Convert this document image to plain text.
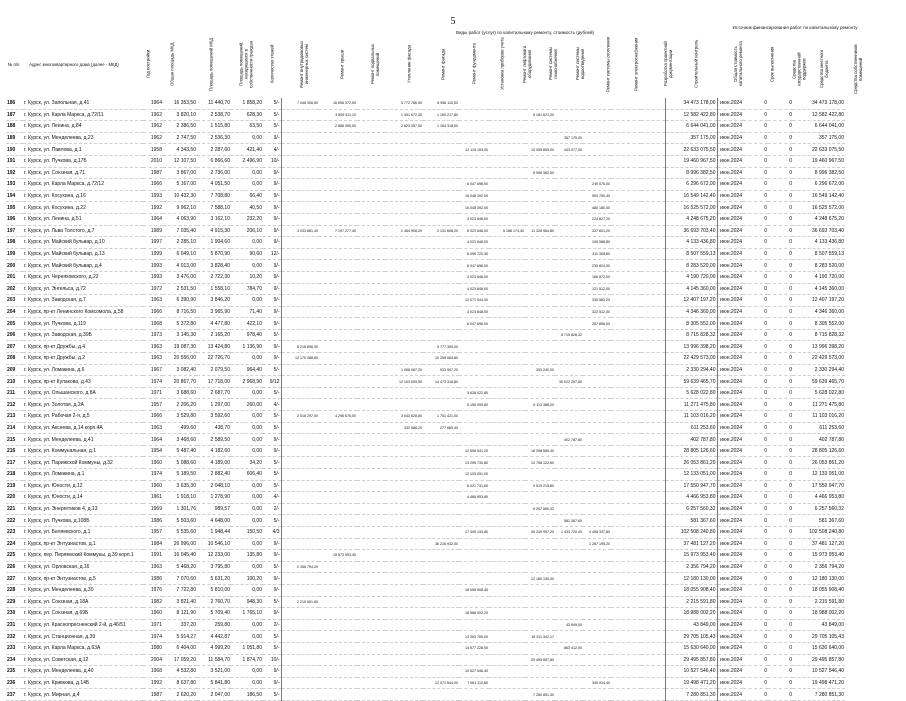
5
Источник финансирования работ по капитальному ремонту
Виды работ (услуг) по капитальному ремонту, стоимость (рублей)
№ п/п	Адрес многоквартирного дома (далее - МКД)	Год постройки	Общая площадь МКД	Площадь помещений МКД	Площадь помещений, находящихся в собственности граждан	Количество этажей	Ремонт внутридомовых инженерных систем	Ремонт крыши	Ремонт подвальных помещений	Утепление фасада	Ремонт фасада	Ремонт фундамента	Установка приборов учета	Ремонт лифтового оборудования	Ремонт системы газоснабжения	Ремонт системы водоотведения	Ремонт системы отопления	Ремонт электроснабжения	Разработка проектной документации	Строительный контроль	Общая стоимость капитального ремонта	Срок выполнения	Средства государственной поддержки	Средства местного бюджета	Средства собственников помещений
186	г. Курск, ул. Запольная, д.41	1964	16 353,50	11 440,70	1 858,20	5/-	7 048 308,50	16 696 972,50		5 772 786,50	8 956 110,50								34 473 178,00	июн.2024	0	0	34 473 178,00
187	г. Курск, ул. Карла Маркса, д.72/11	1962	3 820,10	2 538,70	628,30	5/-		3 509 511,10		1 351 672,30	1 160 217,80			6 181 621,00					12 582 422,80	июн.2024	0	0	12 582 422,80
188	г. Курск, ул. Ленина, д.84	1962	2 386,50	1 515,80	63,50	5/-		2 856 395,50		2 623 357,50	1 164 318,00								6 644 041,00	июн.2024	0	0	6 644 041,00
189	г. Курск, ул. Менделеева, д.23	1962	2 747,50	2 536,30	0,00	9/-									357 175,00				357 175,00	июн.2024	0	0	357 175,00
190	г. Курск, ул. Павлова, д.1	1958	4 343,50	2 287,60	421,40	4/-						12 115 193,00		10 055 805,00	443 077,00				22 633 075,50	июн.2024	0	0	22 633 075,50
191	г. Курск, ул. Пучкова, д.17Б	2010	12 107,50	6 866,60	2 496,90	10/-													19 460 967,50	июн.2024	0	0	19 460 967,50
192	г. Курск, ул. Союзная, д.71	1987	3 867,00	2 736,00	0,00	9/-								8 996 382,50					8 996 382,50	июн.2024	0	0	8 996 382,50
193	г. Курск, ул. Карла Маркса, д.72/12	1966	5 167,00	4 051,50	0,00	9/-						6 047 696,00				249 076,00			6 296 672,00	июн.2024	0	0	6 296 672,00
194	г. Курск, ул. Косухина, д.16	1993	10 432,30	7 708,80	66,40	9/-						16 048 392,00				500 750,40			16 549 142,40	июн.2024	0	0	16 549 142,40
195	г. Курск, ул. Косухина, д.22	1992	9 962,10	7 588,10	40,50	9/-						16 045 392,00				480 180,00			16 525 572,00	июн.2024	0	0	16 525 572,00
196	г. Курск, ул. Ленина, д.51	1964	4 063,90	3 162,10	232,20	9/-						4 023 848,00				224 827,20			4 248 675,20	июн.2024	0	0	4 248 675,20
197	г. Курск, ул. Льва Толстого, д.7	1989	7 035,40	4 915,30	206,10	9/-	3 033 881,40	7 197 277,40		2 464 908,20	2 131 608,20	8 023 848,00	5 188 174,40	11 328 584,80		337 601,20			36 693 703,40	июн.2024	0	0	36 693 703,40
198	г. Курск, ул. Майский бульвар, д.10	1997	2 285,10	1 904,60	0,00	9/-						4 023 848,00				109 588,80			4 133 436,80	июн.2024	0	0	4 133 436,80
199	г. Курск, ул. Майский бульвар, д.13	1999	6 049,10	5 870,90	90,60	12/-						8 096 720,30				411 308,80			8 507 559,13	июн.2024	0	0	8 507 559,13
200	г. Курск, ул. Майский бульвар, д.4	1993	4 013,00	3 828,40	0,00	9/-						8 047 696,00				235 824,00			8 283 520,00	июн.2024	0	0	8 283 520,00
201	г. Курск, ул. Черняховского, д.22	1993	3 476,00	2 722,30	10,20	9/-						4 023 848,00				166 872,00			4 190 720,00	июн.2024	0	0	4 190 720,00
202	г. Курск, ул. Энгельса, д.72	1972	2 531,50	1 558,10	784,70	9/-						4 023 848,00				121 512,00			4 145 360,00	июн.2024	0	0	4 145 360,00
203	г. Курск, ул. Заводская, д.7	1963	6 390,90	3 846,20	0,00	9/-						12 071 544,00				335 583,20			12 407 197,20	июн.2024	0	0	12 407 197,20
204	г. Курск, пр-кт Ленинского Комсомола, д.58	1966	8 716,50	3 965,90	71,40	9/-						4 023 848,00				322 512,00			4 346 360,00	июн.2024	0	0	4 346 360,00
205	г. Курск, ул. Пучкова, д.119	1968	5 372,80	4 477,80	422,10	9/-						8 047 696,00				257 856,00			8 305 552,00	июн.2024	0	0	8 305 552,00
206	г. Курск, ул. Заводская, д.39Б	1973	3 145,30	2 165,20	978,40	5/-									8 715 828,32				8 715 828,32	июн.2024	0	0	8 715 828,32
207	г. Курск, пр-кт Дружбы, д.4	1963	19 087,30	13 424,80	1 136,90	9/-	8 216 898,30				5 777 390,00								13 996 398,20	июн.2024	0	0	13 996 398,20
208	г. Курск, пр-кт Дружбы, д.2	1963	20 556,00	22 726,70	0,00	9/-	12 170 488,60				10 259 084,80								22 429 573,00	июн.2024	0	0	22 429 573,00
209	г. Курск, ул. Ломакина, д.6	1967	3 082,40	2 079,50	964,40	5/-				1 068 087,20	933 907,20			305 240,00					2 330 294,40	июн.2024	0	0	2 330 294,40
210	г. Курск, пр-кт Кулакова, д.43	1974	20 867,70	17 718,00	2 968,90	9/12				12 103 009,50	14 473 316,80				30 022 257,60				59 639 465,70	июн.2024	0	0	59 639 465,70
211	г. Курск, ул. Ольшанского, д.8А	1971	3 688,60	2 687,70	0,00	5/-						5 628 022,80							5 628 022,80	июн.2024	0	0	5 628 022,80
212	г. Курск, ул. Золотая, д.2А	1957	2 206,20	1 297,00	260,00	4/-						5 158 099,80		6 113 386,20					11 271 475,80	июн.2024	0	0	11 271 475,80
213	г. Курск, ул. Рабочая 2-я, д.5	1966	3 529,80	3 592,60	0,00	5/-	2 016 297,00	4 296 676,00		3 043 628,80	1 751 421,00								11 103 016,20	июн.2024	0	0	11 103 016,20
214	г. Курск, ул. Аксеева, д.14 корп.4А	1963	499,60	438,70	0,00	5/-				332 588,20	277 665,40								611 253,60	июн.2024	0	0	611 253,60
215	г. Курск, ул. Менделеева, д.41	1964	3 468,60	2 589,50	0,00	9/-									402 787,80				402 787,80	июн.2024	0	0	402 787,80
216	г. Курск, ул. Коммунальная, д.1	1954	5 487,40	4 182,60	0,00	9/-						12 506 541,20		16 298 585,40					28 805 126,60	июн.2024	0	0	28 805 126,60
217	г. Курск, ул. Парижской Коммуны, д.32	1960	5 088,60	4 189,00	34,20	5/-						13 295 730,80		10 758 122,60					26 053 861,20	июн.2024	0	0	26 053 861,20
218	г. Курск, ул. Ломакина, д.1	1974	5 189,50	2 882,40	606,40	5/-						12 133 051,00							12 133 051,00	июн.2024	0	0	12 133 051,00
219	г. Курск, ул. Юности, д.12	1960	3 635,30	2 048,10	0,00	5/-						8 021 731,60		9 519 215,80					17 550 947,70	июн.2024	0	0	17 550 947,70
220	г. Курск, ул. Юности, д.14	1961	1 918,10	1 278,90	0,00	4/-						4 466 953,80							4 466 953,80	июн.2024	0	0	4 466 953,80
221	г. Курск, ул. Энергетиков 4, д.13	1969	1 301,76	989,57	0,00	2/-								6 257 560,32					6 257 560,32	июн.2024	0	0	6 257 560,32
222	г. Курск, ул. Пучкова, д.108Б	1986	5 503,60	4 648,00	0,00	5/-									581 367,60				581 367,60	июн.2024	0	0	581 367,60
223	г. Курск, ул. Беляевского, д.1	1957	5 535,60	1 948,44	150,50	4/3						17 349 133,80		40 249 957,20	1 433 720,40	4 406 337,80			102 508 240,80	июн.2024	0	0	102 508 240,80
224	г. Курск, пр-кт Энтузиастов, д.1	1984	26 996,00	10 546,10	0,00	9/-					36 216 932,00					1 267 195,20			37 481 127,20	июн.2024	0	0	37 481 127,20
225	г. Курск, пер. Перяевский Коммуны, д.39 корп.1	1991	16 045,40	12 233,00	135,80	9/-		15 973 953,40											15 973 953,40	июн.2024	0	0	15 973 953,40
226	г. Курск, ул. Орловская, д.16	1963	5 468,20	3 795,80	0,00	5/-	2 356 794,20												2 356 794,20	июн.2024	0	0	2 356 794,20
227	г. Курск, пр-кт Энтузиастов, д.5	1986	7 070,60	5 631,20	100,20	9/-								12 180 130,00					12 180 130,00	июн.2024	0	0	12 180 130,00
228	г. Курск, ул. Менделеева, д.30	1976	7 722,80	5 810,00	0,00	9/-						18 055 908,40							18 055 908,40	июн.2024	0	0	18 055 908,40
229	г. Курск, ул. Союзная, д.18А	1982	3 821,40	2 760,70	948,30	5/-	2 215 591,80												2 215 591,80	июн.2024	0	0	2 215 591,80
230	г. Курск, ул. Союзная, д.69Б	1960	8 121,90	5 709,40	1 765,10	9/-						18 988 002,20							18 988 002,20	июн.2024	0	0	18 988 002,20
231	г. Курск, ул. Краснопресненский 2-й, д.46/51	1971	337,20	259,80	0,00	2/-									43 849,00				43 849,00	июн.2024	0	0	43 849,00
232	г. Курск, ул. Станционная, д.39	1974	5 914,27	4 442,87	0,00	5/-						13 393 765,00		16 311 342,17					29 705 105,43	июн.2024	0	0	29 705 105,43
233	г. Курск, ул. Карла Маркса, д.63А	1980	6 404,00	4 999,20	1 051,80	5/-						14 577 228,00			863 412,00				15 630 640,00	июн.2024	0	0	15 630 640,00
234	г. Курск, ул. Советская, д.12	2004	17 059,20	11 584,70	1 874,70	10/-								29 495 857,80					29 495 857,80	июн.2024	0	0	29 495 857,80
235	г. Курск, ул. Менделеева, д.40	1968	4 532,80	3 521,00	0,00	9/-						10 527 546,40							10 527 546,40	июн.2024	0	0	10 527 546,40
236	г. Курск, ул. Кривкова, д.14Б	1992	8 637,80	5 841,80	0,00	9/-					12 071 544,00	7 061 112,80				345 914,40			19 498 471,20	июн.2024	0	0	19 498 471,20
237	г. Курск, ул. Мирная, д.4	1987	2 620,20	2 047,00	186,50	5/-								7 280 851,30					7 280 851,30	июн.2024	0	0	7 280 851,30
